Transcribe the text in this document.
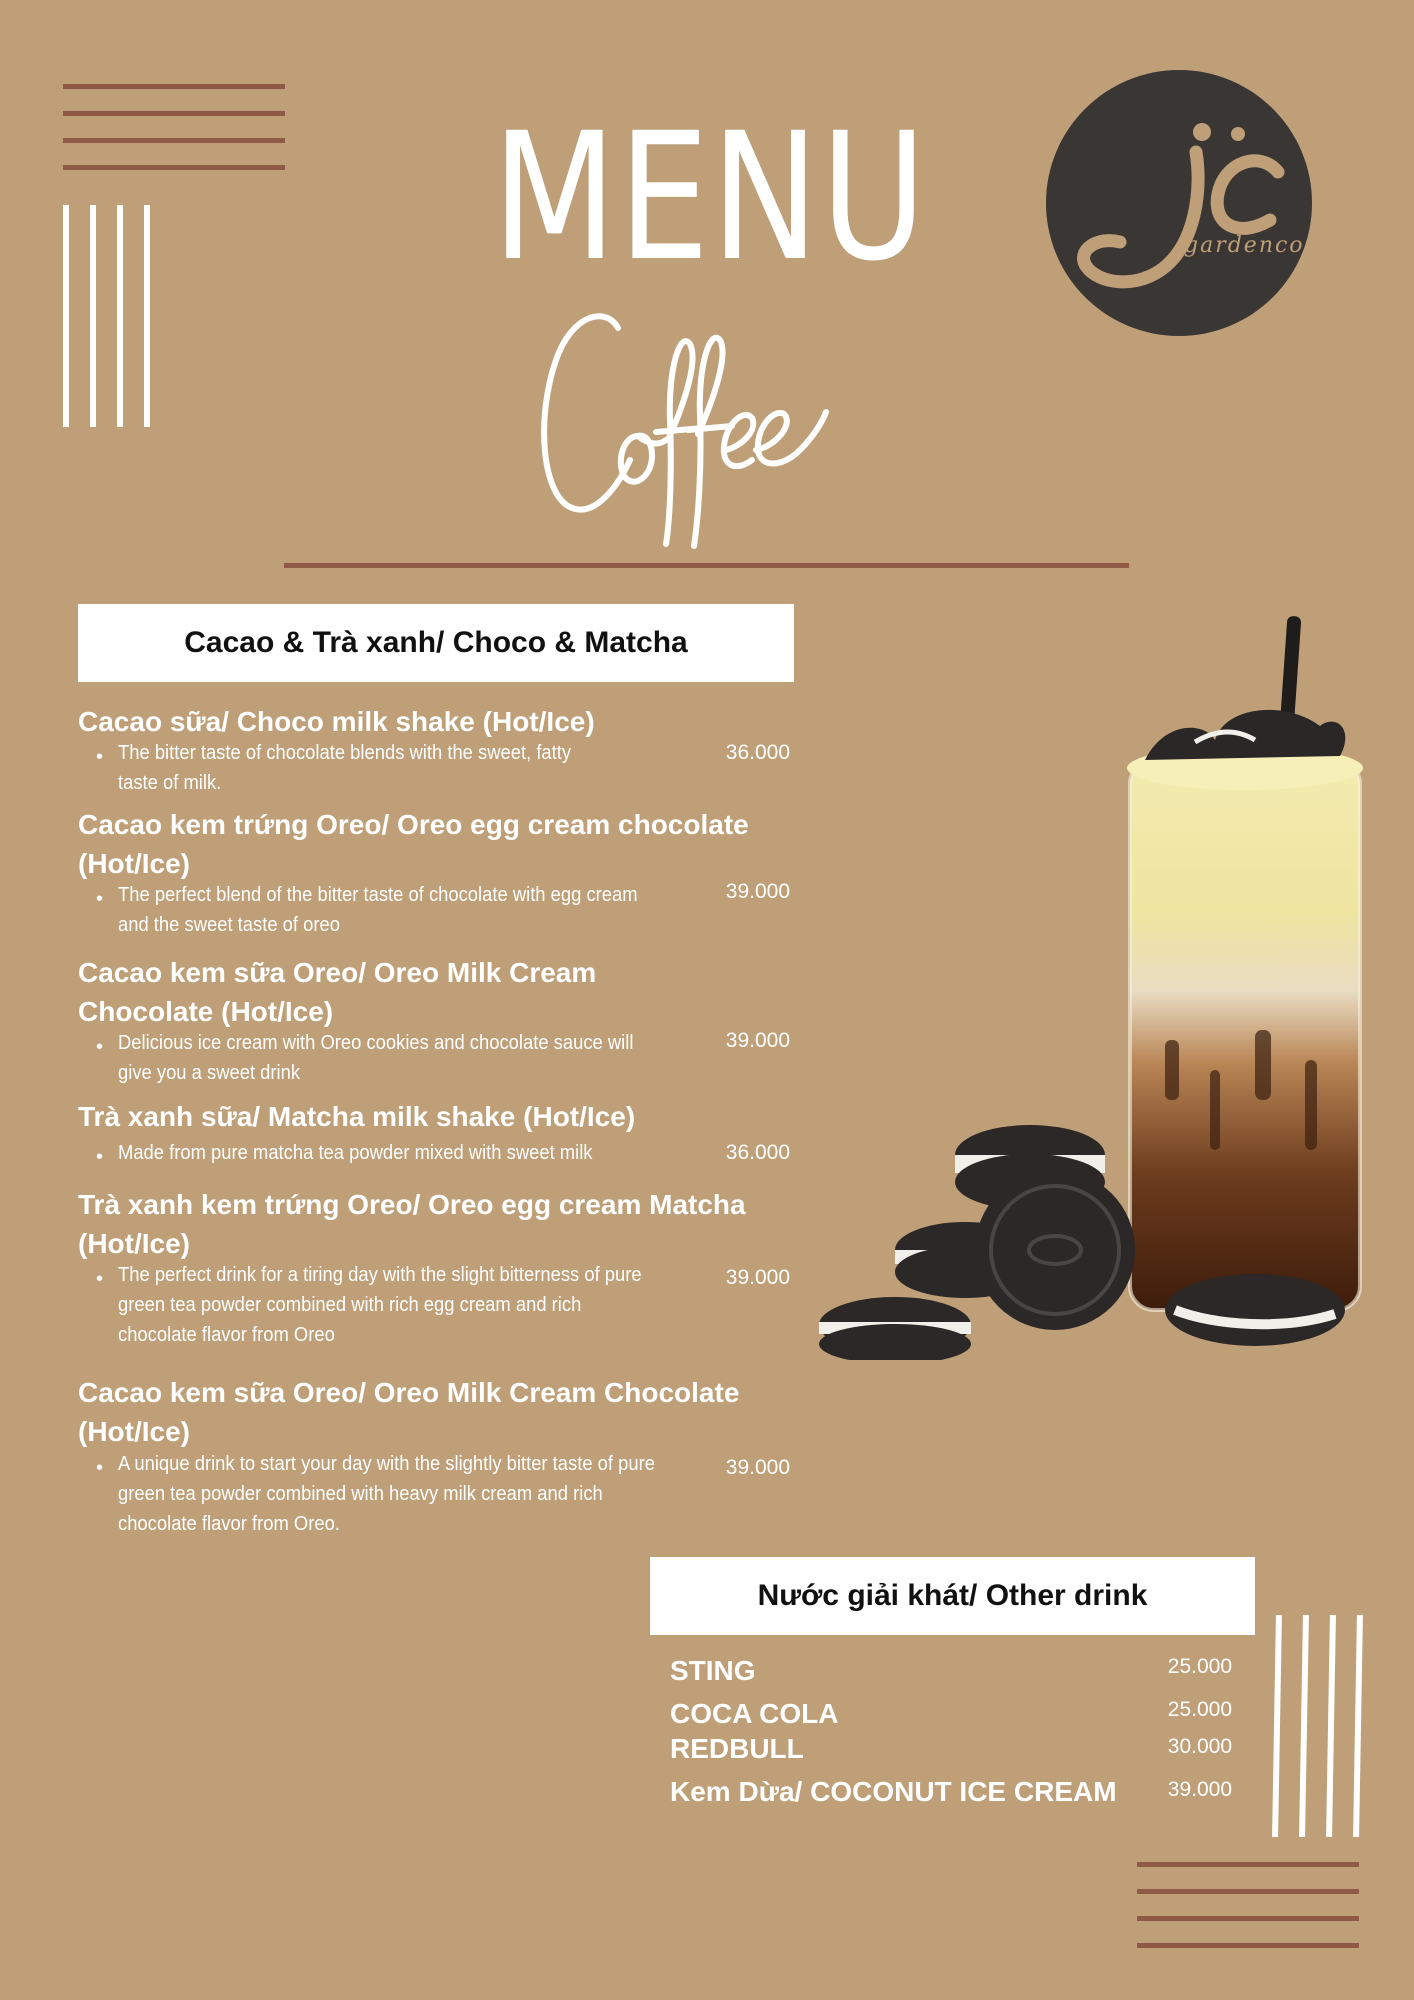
MENU	gardencoffee
Cacao & Trà xanh/ Choco & Matcha
Cacao sữa/ Choco milk shake (Hot/Ice)
• The bitter taste of chocolate blends with the sweet, fatty taste of milk.
36.000
Cacao kem trứng Oreo/ Oreo egg cream chocolate (Hot/Ice)
• The perfect blend of the bitter taste of chocolate with egg cream and the sweet taste of oreo
39.000
Cacao kem sữa Oreo/ Oreo Milk Cream Chocolate (Hot/Ice)
• Delicious ice cream with Oreo cookies and chocolate sauce will give you a sweet drink
39.000
Trà xanh sữa/ Matcha milk shake (Hot/Ice)
• Made from pure matcha tea powder mixed with sweet milk	36.000
Trà xanh kem trứng Oreo/ Oreo egg cream Matcha (Hot/Ice)
• The perfect drink for a tiring day with the slight bitterness of pure green tea powder combined with rich egg cream and rich chocolate flavor from Oreo
39.000
Cacao kem sữa Oreo/ Oreo Milk Cream Chocolate (Hot/Ice)
• A unique drink to start your day with the slightly bitter taste of pure green tea powder combined with heavy milk cream and rich chocolate flavor from Oreo.
39.000
Nước giải khát/ Other drink
STING	25.000
COCA COLA	25.000
REDBULL	30.000
Kem Dừa/ COCONUT ICE CREAM	39.000
